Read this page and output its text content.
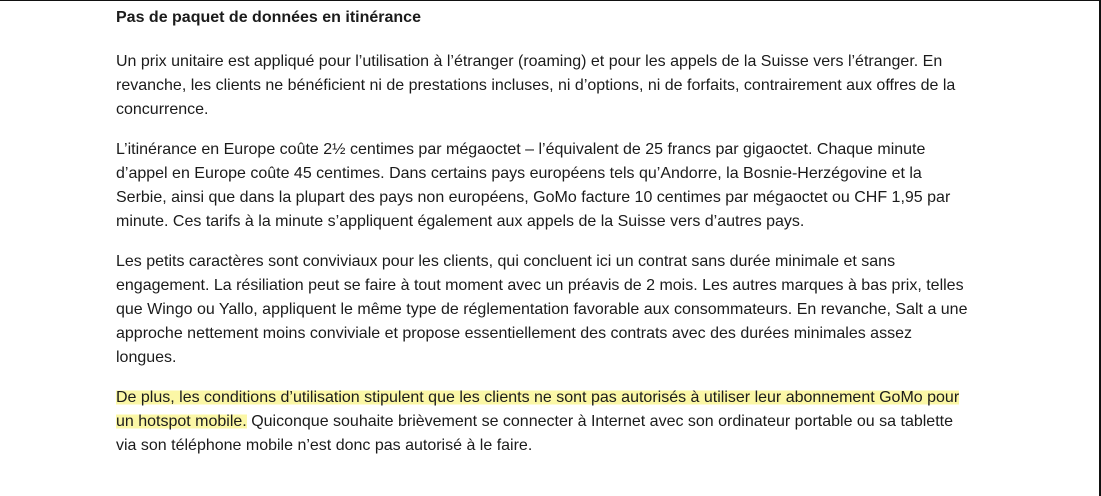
Pas de paquet de données en itinérance

Un prix unitaire est appliqué pour l’utilisation à l’étranger (roaming) et pour les appels de la Suisse vers l’étranger. En revanche, les clients ne bénéficient ni de prestations incluses, ni d’options, ni de forfaits, contrairement aux offres de la concurrence.

L’itinérance en Europe coûte 2½ centimes par mégaoctet – l’équivalent de 25 francs par gigaoctet. Chaque minute d’appel en Europe coûte 45 centimes. Dans certains pays européens tels qu’Andorre, la Bosnie-Herzégovine et la Serbie, ainsi que dans la plupart des pays non européens, GoMo facture 10 centimes par mégaoctet ou CHF 1,95 par minute. Ces tarifs à la minute s’appliquent également aux appels de la Suisse vers d’autres pays.

Les petits caractères sont conviviaux pour les clients, qui concluent ici un contrat sans durée minimale et sans engagement. La résiliation peut se faire à tout moment avec un préavis de 2 mois. Les autres marques à bas prix, telles que Wingo ou Yallo, appliquent le même type de réglementation favorable aux consommateurs. En revanche, Salt a une approche nettement moins conviviale et propose essentiellement des contrats avec des durées minimales assez longues.

De plus, les conditions d’utilisation stipulent que les clients ne sont pas autorisés à utiliser leur abonnement GoMo pour un hotspot mobile. Quiconque souhaite brièvement se connecter à Internet avec son ordinateur portable ou sa tablette via son téléphone mobile n’est donc pas autorisé à le faire.
